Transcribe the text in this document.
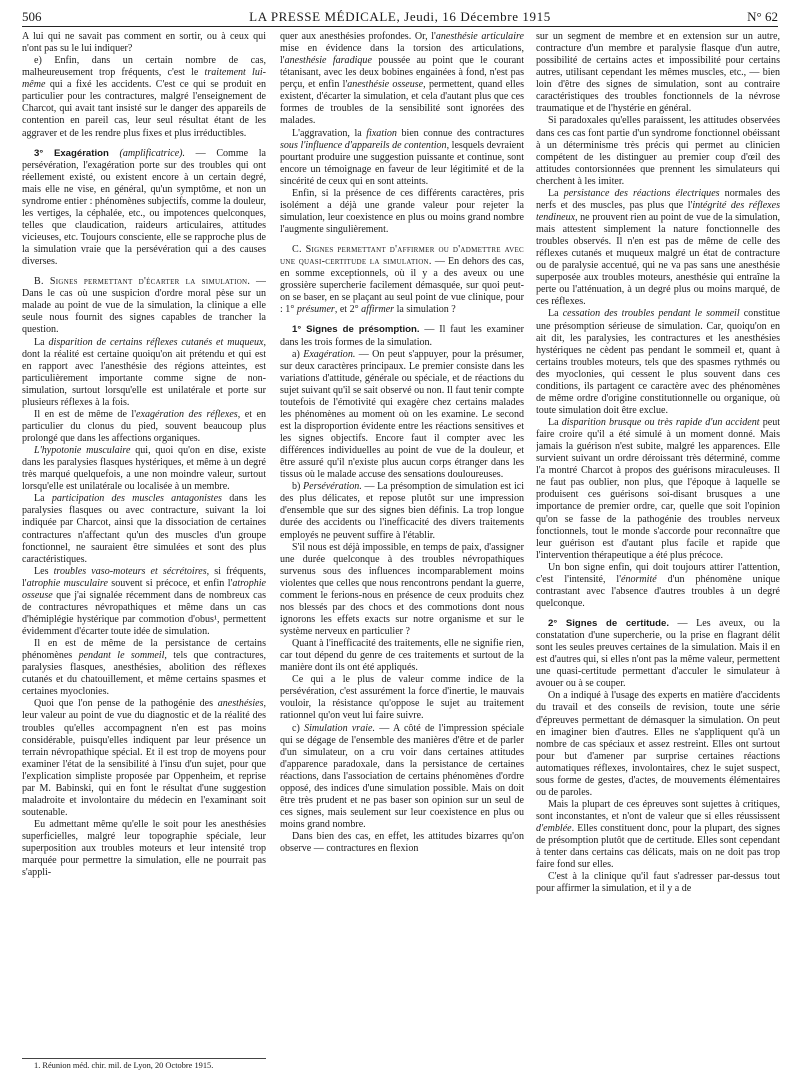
506	LA PRESSE MÉDICALE, Jeudi, 16 Décembre 1915	N° 62

A lui qui ne savait pas comment en sortir, ou à ceux qui n'ont pas su le lui indiquer?

e) Enfin, dans un certain nombre de cas, malheureusement trop fréquents, c'est le traitement lui-même qui a fixé les accidents. C'est ce qui se produit en particulier pour les contractures, malgré l'enseignement de Charcot, qui avait tant insisté sur le danger des appareils de contention en pareil cas, leur seul résultat étant de les aggraver et de les rendre plus fixes et plus irréductibles.

3° Exagération (amplificatrice). — Comme la persévération, l'exagération porte sur des troubles qui ont réellement existé, ou existent encore à un certain degré, mais elle ne vise, en général, qu'un symptôme, et non un syndrome entier : phénomènes subjectifs, comme la douleur, les vertiges, la céphalée, etc., ou impotences quelconques, telles que claudication, raideurs articulaires, attitudes vicieuses, etc. Toujours consciente, elle se rapproche plus de la simulation vraie que la persévération qui a des causes diverses.

B. Signes permettant d'écarter la simulation. — Dans le cas où une suspicion d'ordre moral pèse sur un malade au point de vue de la simulation, la clinique a elle seule nous fournit des signes capables de trancher la question.

La disparition de certains réflexes cutanés et muqueux, dont la réalité est certaine quoiqu'on ait prétendu et qui est en rapport avec l'anesthésie des régions atteintes, est particulièrement importante comme signe de non-simulation, surtout lorsqu'elle est unilatérale et porte sur plusieurs réflexes à la fois.

Il en est de même de l'exagération des réflexes, et en particulier du clonus du pied, souvent beaucoup plus prolongé que dans les affections organiques.

L'hypotonie musculaire qui, quoi qu'on en dise, existe dans les paralysies flasques hystériques, et même à un degré très marqué quelquefois, a une non moindre valeur, surtout lorsqu'elle est unilatérale ou localisée à un membre.

La participation des muscles antagonistes dans les paralysies flasques ou avec contracture, suivant la loi indiquée par Charcot, ainsi que la dissociation de certaines contractures n'affectant qu'un des muscles d'un groupe fonctionnel, ne sauraient être simulées et sont des plus caractéristiques.

Les troubles vaso-moteurs et sécrétoires, si fréquents, l'atrophie musculaire souvent si précoce, et enfin l'atrophie osseuse que j'ai signalée récemment dans de nombreux cas de contractures névropathiques et même dans un cas d'hémiplégie hystérique par commotion d'obus¹, permettent évidemment d'écarter toute idée de simulation.

Il en est de même de la persistance de certains phénomènes pendant le sommeil, tels que contractures, paralysies flasques, anesthésies, abolition des réflexes cutanés et du chatouillement, et même certains spasmes et certaines myoclonies.

Quoi que l'on pense de la pathogénie des anesthésies, leur valeur au point de vue du diagnostic et de la réalité des troubles qu'elles accompagnent n'en est pas moins considérable, puisqu'elles indiquent par leur présence un terrain névropathique spécial. Et il est trop de moyens pour examiner l'état de la sensibilité à l'insu d'un sujet, pour que l'explication simpliste proposée par Oppenheim, et reprise par M. Babinski, qui en font le résultat d'une suggestion maladroite et involontaire du médecin en l'examinant soit soutenable.

Eu admettant même qu'elle le soit pour les anesthésies superficielles, malgré leur topographie spéciale, leur superposition aux troubles moteurs et leur intensité trop marquée pour permettre la simulation, elle ne pourrait pas s'appli-

1. Réunion méd. chir. mil. de Lyon, 20 Octobre 1915.

quer aux anesthésies profondes. Or, l'anesthésie articulaire mise en évidence dans la torsion des articulations, l'anesthésie faradique poussée au point que le courant tétanisant, avec les deux bobines engainées à fond, n'est pas perçu, et enfin l'anesthésie osseuse, permettent, quand elles existent, d'écarter la simulation, et cela d'autant plus que ces formes de troubles de la sensibilité sont ignorées des malades.

L'aggravation, la fixation bien connue des contractures sous l'influence d'appareils de contention, lesquels devraient pourtant produire une suggestion puissante et continue, sont encore un témoignage en faveur de leur légitimité et de la sincérité de ceux qui en sont atteints.

Enfin, si la présence de ces différents caractères, pris isolément a déjà une grande valeur pour rejeter la simulation, leur coexistence en plus ou moins grand nombre l'augmente singulièrement.

C. Signes permettant d'affirmer ou d'admettre avec une quasi-certitude la simulation. — En dehors des cas, en somme exceptionnels, où il y a des aveux ou une grossière supercherie facilement démasquée, sur quoi peut-on se baser, en se plaçant au seul point de vue clinique, pour : 1° présumer, et 2° affirmer la simulation ?

1° Signes de présomption. — Il faut les examiner dans les trois formes de la simulation.

a) Exagération. — On peut s'appuyer, pour la présumer, sur deux caractères principaux. Le premier consiste dans les variations d'attitude, générale ou spéciale, et de réactions du sujet suivant qu'il se sait observé ou non. Il faut tenir compte toutefois de l'émotivité qui exagère chez certains malades les phénomènes au moment où on les examine. Le second est la disproportion évidente entre les réactions sensitives et les signes objectifs. Encore faut il compter avec les différences individuelles au point de vue de la douleur, et être assuré qu'il n'existe plus aucun corps étranger dans les tissus où le malade accuse des sensations douloureuses.

b) Persévération. — La présomption de simulation est ici des plus délicates, et repose plutôt sur une impression d'ensemble que sur des signes bien définis. La trop longue durée des accidents ou l'inefficacité des divers traitements employés ne peuvent suffire à l'établir.

S'il nous est déjà impossible, en temps de paix, d'assigner une durée quelconque à des troubles névropathiques survenus sous des influences incomparablement moins violentes que celles que nous rencontrons pendant la guerre, comment le ferions-nous en présence de ceux produits chez nos blessés par des chocs et des commotions dont nous ignorons les effets exacts sur notre organisme et sur le système nerveux en particulier ?

Quant à l'inefficacité des traitements, elle ne signifie rien, car tout dépend du genre de ces traitements et surtout de la manière dont ils ont été appliqués.

Ce qui a le plus de valeur comme indice de la persévération, c'est assurément la force d'inertie, le mauvais vouloir, la résistance qu'oppose le sujet au traitement rationnel qu'on veut lui faire suivre.

c) Simulation vraie. — A côté de l'impression spéciale qui se dégage de l'ensemble des manières d'être et de parler d'un simulateur, on a cru voir dans certaines attitudes d'apparence paradoxale, dans la persistance de certaines réactions, dans l'association de certains phénomènes d'ordre opposé, des indices d'une simulation possible. Mais on doit être très prudent et ne pas baser son opinion sur un seul de ces signes, mais seulement sur leur coexistence en plus ou moins grand nombre.

Dans bien des cas, en effet, les attitudes bizarres qu'on observe — contractures en flexion

sur un segment de membre et en extension sur un autre, contracture d'un membre et paralysie flasque d'un autre, possibilité de certains actes et impossibilité pour certains autres, utilisant cependant les mêmes muscles, etc., — bien loin d'être des signes de simulation, sont au contraire caractéristiques des troubles fonctionnels de la névrose traumatique et de l'hystérie en général.

Si paradoxales qu'elles paraissent, les attitudes observées dans ces cas font partie d'un syndrome fonctionnel obéissant à un déterminisme très précis qui permet au clinicien compétent de les distinguer au premier coup d'œil des attitudes contorsionnées que prennent les simulateurs qui cherchent à les imiter.

La persistance des réactions électriques normales des nerfs et des muscles, pas plus que l'intégrité des réflexes tendineux, ne prouvent rien au point de vue de la simulation, mais attestent simplement la nature fonctionnelle des troubles observés. Il n'en est pas de même de celle des réflexes cutanés et muqueux malgré un état de contracture ou de paralysie accentué, qui ne va pas sans une anesthésie superposée aux troubles moteurs, anesthésie qui entraîne la perte ou l'atténuation, à un degré plus ou moins marqué, de ces réflexes.

La cessation des troubles pendant le sommeil constitue une présomption sérieuse de simulation. Car, quoiqu'on en ait dit, les paralysies, les contractures et les anesthésies hystériques ne cèdent pas pendant le sommeil et, quant à certains troubles moteurs, tels que des spasmes rythmés ou des myoclonies, qui cessent le plus souvent dans ces conditions, ils partagent ce caractère avec des phénomènes de même ordre d'origine constitutionnelle ou organique, où toute simulation doit être exclue.

La disparition brusque ou très rapide d'un accident peut faire croire qu'il a été simulé à un moment donné. Mais jamais la guérison n'est subite, malgré les apparences. Elle survient suivant un ordre déroissant très déterminé, comme l'a montré Charcot à propos des guérisons miraculeuses. Il ne faut pas oublier, non plus, que l'époque à laquelle se produisent ces guérisons soi-disant brusques a une importance de premier ordre, car, quelle que soit l'opinion qu'on se fasse de la pathogénie des troubles nerveux fonctionnels, tout le monde s'accorde pour reconnaître que leur guérison est d'autant plus facile et rapide que l'intervention thérapeutique a été plus précoce.

Un bon signe enfin, qui doit toujours attirer l'attention, c'est l'intensité, l'énormité d'un phénomène unique contrastant avec l'absence d'autres troubles à un degré quelconque.

2° Signes de certitude. — Les aveux, ou la constatation d'une supercherie, ou la prise en flagrant délit sont les seules preuves certaines de la simulation. Mais il en est d'autres qui, si elles n'ont pas la même valeur, permettent une quasi-certitude permettant d'acculer le simulateur à avouer ou à se couper.

On a indiqué à l'usage des experts en matière d'accidents du travail et des conseils de revision, toute une série d'épreuves permettant de démasquer la simulation. On peut en imaginer bien d'autres. Elles ne s'appliquent qu'à un nombre de cas spéciaux et assez restreint. Elles ont surtout pour but d'amener par surprise certaines réactions automatiques réflexes, involontaires, chez le sujet suspect, sous forme de gestes, d'actes, de mouvements élémentaires ou de paroles.

Mais la plupart de ces épreuves sont sujettes à critiques, sont inconstantes, et n'ont de valeur que si elles réussissent d'emblée. Elles constituent donc, pour la plupart, des signes de présomption plutôt que de certitude. Elles sont cependant à tenter dans certains cas délicats, mais on ne doit pas trop faire fond sur elles.

C'est à la clinique qu'il faut s'adresser par-dessus tout pour affirmer la simulation, et il y a de
